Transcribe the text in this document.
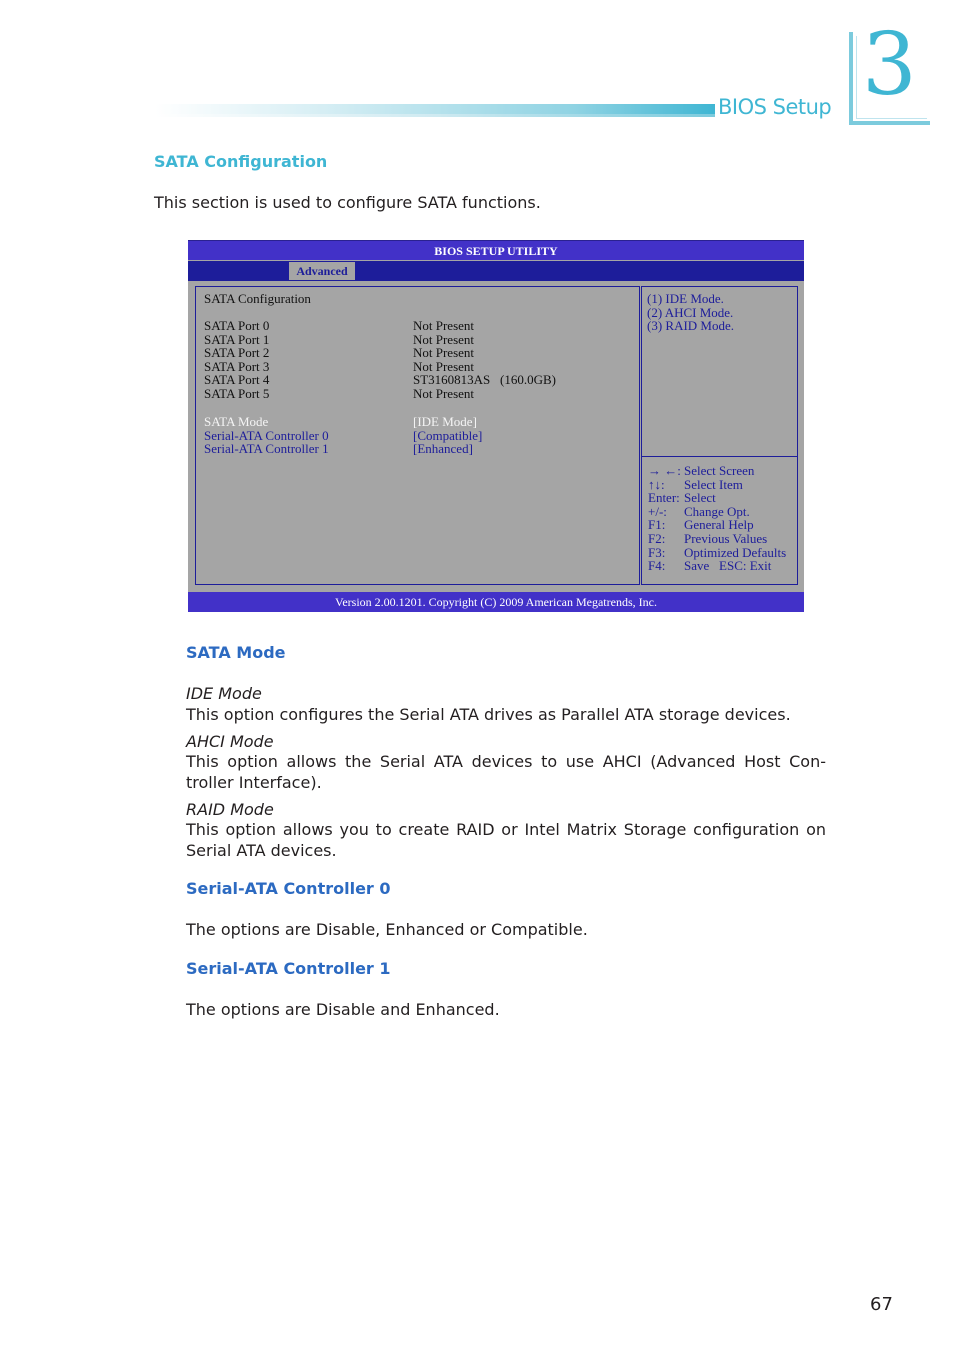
BIOS Setup 3
SATA Configuration
This section is used to configure SATA functions.
BIOS SETUP UTILITY
Advanced
SATA Configuration
SATA Port 0	Not Present
SATA Port 1	Not Present
SATA Port 2	Not Present
SATA Port 3	Not Present
SATA Port 4	ST3160813AS   (160.0GB)
SATA Port 5	Not Present
SATA Mode	[IDE Mode]
Serial-ATA Controller 0	[Compatible]
Serial-ATA Controller 1	[Enhanced]
(1) IDE Mode.
(2) AHCI Mode.
(3) RAID Mode.
→ ←: Select Screen
↑↓: Select Item
Enter: Select
+/-: Change Opt.
F1: General Help
F2: Previous Values
F3: Optimized Defaults
F4: Save   ESC: Exit
Version 2.00.1201. Copyright (C) 2009 American Megatrends, Inc.
SATA Mode
IDE Mode
This option configures the Serial ATA drives as Parallel ATA storage devices.
AHCI Mode
This option allows the Serial ATA devices to use AHCI (Advanced Host Con-troller Interface).
RAID Mode
This option allows you to create RAID or Intel Matrix Storage configuration on Serial ATA devices.
Serial-ATA Controller 0
The options are Disable, Enhanced or Compatible.
Serial-ATA Controller 1
The options are Disable and Enhanced.
67
